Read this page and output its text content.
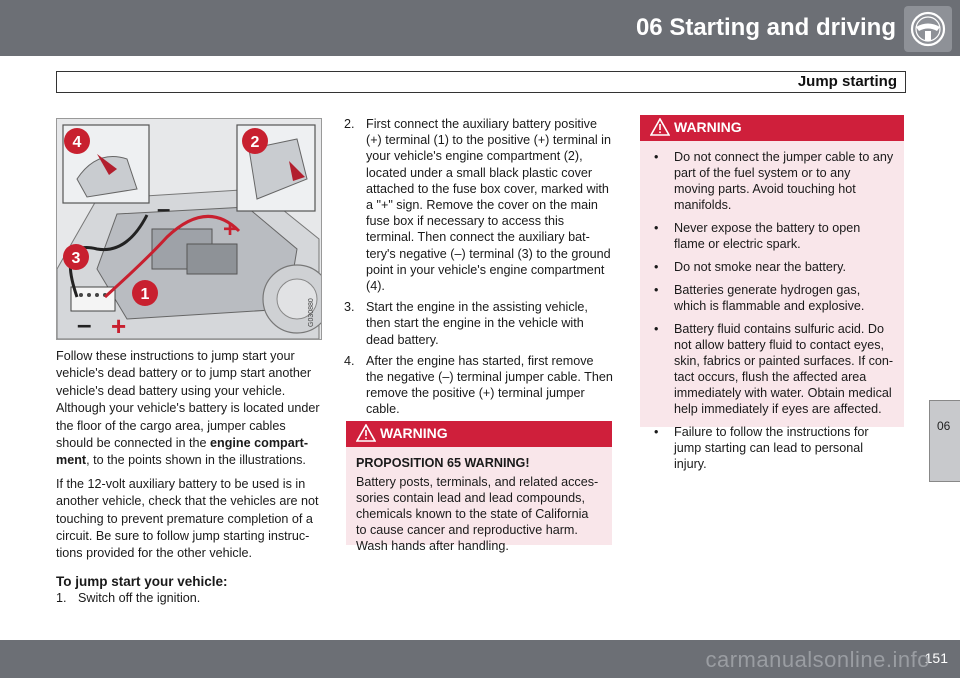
06 Starting and driving
Jump starting
4	2
3
1
– +
–
+
G030880

Follow these instructions to jump start your vehicle's dead battery or to jump start another vehicle's dead battery using your vehicle. Although your vehicle's battery is located under the floor of the cargo area, jumper cables should be connected in the engine compart-ment, to the points shown in the illustrations.

If the 12-volt auxiliary battery to be used is in another vehicle, check that the vehicles are not touching to prevent premature completion of a circuit. Be sure to follow jump starting instruc-tions provided for the other vehicle.

To jump start your vehicle:
1. Switch off the ignition.
2. First connect the auxiliary battery positive (+) terminal (1) to the positive (+) terminal in your vehicle's engine compartment (2), located under a small black plastic cover attached to the fuse box cover, marked with a "+" sign. Remove the cover on the main fuse box if necessary to access this terminal. Then connect the auxiliary bat-tery's negative (–) terminal (3) to the ground point in your vehicle's engine compartment (4).
3. Start the engine in the assisting vehicle, then start the engine in the vehicle with dead battery.
4. After the engine has started, first remove the negative (–) terminal jumper cable. Then remove the positive (+) terminal jumper cable.
WARNING
PROPOSITION 65 WARNING!
Battery posts, terminals, and related acces-sories contain lead and lead compounds, chemicals known to the state of California to cause cancer and reproductive harm. Wash hands after handling.
WARNING
• Do not connect the jumper cable to any part of the fuel system or to any moving parts. Avoid touching hot manifolds.
• Never expose the battery to open flame or electric spark.
• Do not smoke near the battery.
• Batteries generate hydrogen gas, which is flammable and explosive.
• Battery fluid contains sulfuric acid. Do not allow battery fluid to contact eyes, skin, fabrics or painted surfaces. If con-tact occurs, flush the affected area immediately with water. Obtain medical help immediately if eyes are affected.
• Failure to follow the instructions for jump starting can lead to personal injury.
06
151
carmanualsonline.info
